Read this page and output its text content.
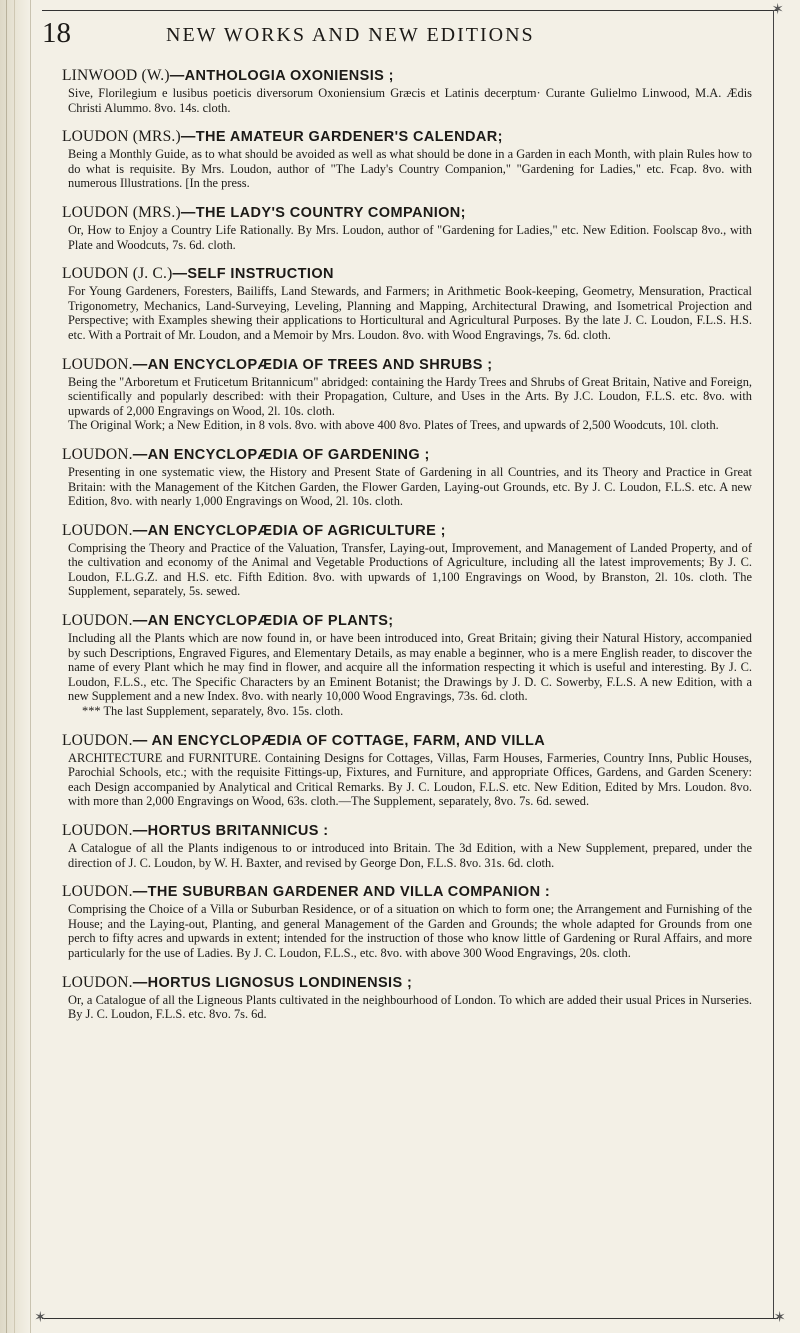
✶
✶	✶
18	NEW WORKS AND NEW EDITIONS
LINWOOD (W.)—ANTHOLOGIA OXONIENSIS ;
Sive, Florilegium e lusibus poeticis diversorum Oxoniensium Græcis et Latinis decerptum· Curante Gulielmo Linwood, M.A. Ædis Christi Alummo. 8vo. 14s. cloth.
LOUDON (MRS.)—THE AMATEUR GARDENER'S CALENDAR;
Being a Monthly Guide, as to what should be avoided as well as what should be done in a Garden in each Month, with plain Rules how to do what is requisite. By Mrs. Loudon, author of "The Lady's Country Companion," "Gardening for Ladies," etc. Fcap. 8vo. with numerous Illustrations. [In the press.
LOUDON (MRS.)—THE LADY'S COUNTRY COMPANION;
Or, How to Enjoy a Country Life Rationally. By Mrs. Loudon, author of "Gardening for Ladies," etc. New Edition. Foolscap 8vo., with Plate and Woodcuts, 7s. 6d. cloth.
LOUDON (J. C.)—SELF INSTRUCTION
For Young Gardeners, Foresters, Bailiffs, Land Stewards, and Farmers; in Arithmetic Book-keeping, Geometry, Mensuration, Practical Trigonometry, Mechanics, Land-Surveying, Leveling, Planning and Mapping, Architectural Drawing, and Isometrical Projection and Perspective; with Examples shewing their applications to Horticultural and Agricultural Purposes. By the late J. C. Loudon, F.L.S. H.S. etc. With a Portrait of Mr. Loudon, and a Memoir by Mrs. Loudon. 8vo. with Wood Engravings, 7s. 6d. cloth.
LOUDON.—AN ENCYCLOPÆDIA OF TREES AND SHRUBS ;
Being the "Arboretum et Fruticetum Britannicum" abridged: containing the Hardy Trees and Shrubs of Great Britain, Native and Foreign, scientifically and popularly described: with their Propagation, Culture, and Uses in the Arts. By J.C. Loudon, F.L.S. etc. 8vo. with upwards of 2,000 Engravings on Wood, 2l. 10s. cloth.
The Original Work; a New Edition, in 8 vols. 8vo. with above 400 8vo. Plates of Trees, and upwards of 2,500 Woodcuts, 10l. cloth.
LOUDON.—AN ENCYCLOPÆDIA OF GARDENING ;
Presenting in one systematic view, the History and Present State of Gardening in all Countries, and its Theory and Practice in Great Britain: with the Management of the Kitchen Garden, the Flower Garden, Laying-out Grounds, etc. By J. C. Loudon, F.L.S. etc. A new Edition, 8vo. with nearly 1,000 Engravings on Wood, 2l. 10s. cloth.
LOUDON.—AN ENCYCLOPÆDIA OF AGRICULTURE ;
Comprising the Theory and Practice of the Valuation, Transfer, Laying-out, Improvement, and Management of Landed Property, and of the cultivation and economy of the Animal and Vegetable Productions of Agriculture, including all the latest improvements; By J. C. Loudon, F.L.G.Z. and H.S. etc. Fifth Edition. 8vo. with upwards of 1,100 Engravings on Wood, by Branston, 2l. 10s. cloth. The Supplement, separately, 5s. sewed.
LOUDON.—AN ENCYCLOPÆDIA OF PLANTS;
Including all the Plants which are now found in, or have been introduced into, Great Britain; giving their Natural History, accompanied by such Descriptions, Engraved Figures, and Elementary Details, as may enable a beginner, who is a mere English reader, to discover the name of every Plant which he may find in flower, and acquire all the information respecting it which is useful and interesting. By J. C. Loudon, F.L.S., etc. The Specific Characters by an Eminent Botanist; the Drawings by J. D. C. Sowerby, F.L.S. A new Edition, with a new Supplement and a new Index. 8vo. with nearly 10,000 Wood Engravings, 73s. 6d. cloth.
*** The last Supplement, separately, 8vo. 15s. cloth.
LOUDON.— AN ENCYCLOPÆDIA OF COTTAGE, FARM, AND VILLA
ARCHITECTURE and FURNITURE. Containing Designs for Cottages, Villas, Farm Houses, Farmeries, Country Inns, Public Houses, Parochial Schools, etc.; with the requisite Fittings-up, Fixtures, and Furniture, and appropriate Offices, Gardens, and Garden Scenery: each Design accompanied by Analytical and Critical Remarks. By J. C. Loudon, F.L.S. etc. New Edition, Edited by Mrs. Loudon. 8vo. with more than 2,000 Engravings on Wood, 63s. cloth.—The Supplement, separately, 8vo. 7s. 6d. sewed.
LOUDON.—HORTUS BRITANNICUS :
A Catalogue of all the Plants indigenous to or introduced into Britain. The 3d Edition, with a New Supplement, prepared, under the direction of J. C. Loudon, by W. H. Baxter, and revised by George Don, F.L.S. 8vo. 31s. 6d. cloth.
LOUDON.—THE SUBURBAN GARDENER AND VILLA COMPANION :
Comprising the Choice of a Villa or Suburban Residence, or of a situation on which to form one; the Arrangement and Furnishing of the House; and the Laying-out, Planting, and general Management of the Garden and Grounds; the whole adapted for Grounds from one perch to fifty acres and upwards in extent; intended for the instruction of those who know little of Gardening or Rural Affairs, and more particularly for the use of Ladies. By J. C. Loudon, F.L.S., etc. 8vo. with above 300 Wood Engravings, 20s. cloth.
LOUDON.—HORTUS LIGNOSUS LONDINENSIS ;
Or, a Catalogue of all the Ligneous Plants cultivated in the neighbourhood of London. To which are added their usual Prices in Nurseries. By J. C. Loudon, F.L.S. etc. 8vo. 7s. 6d.
